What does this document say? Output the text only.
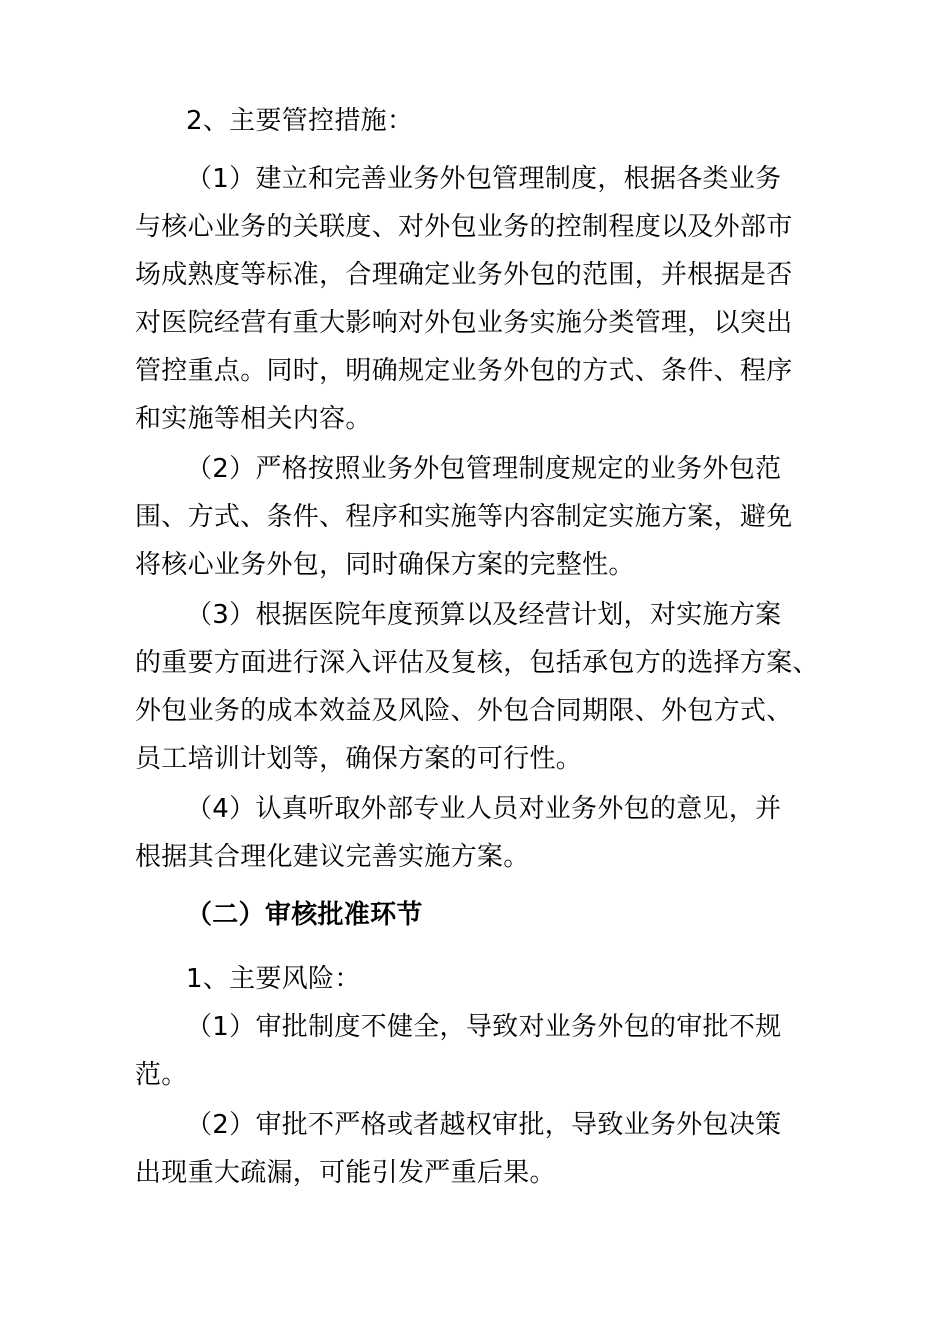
2、主要管控措施：
（1）建立和完善业务外包管理制度，根据各类业务
与核心业务的关联度、对外包业务的控制程度以及外部市
场成熟度等标准，合理确定业务外包的范围，并根据是否
对医院经营有重大影响对外包业务实施分类管理，以突出
管控重点。同时，明确规定业务外包的方式、条件、程序
和实施等相关内容。
（2）严格按照业务外包管理制度规定的业务外包范
围、方式、条件、程序和实施等内容制定实施方案，避免
将核心业务外包，同时确保方案的完整性。
（3）根据医院年度预算以及经营计划，对实施方案
的重要方面进行深入评估及复核，包括承包方的选择方案、
外包业务的成本效益及风险、外包合同期限、外包方式、
员工培训计划等，确保方案的可行性。
（4）认真听取外部专业人员对业务外包的意见，并
根据其合理化建议完善实施方案。
（二）审核批准环节
1、主要风险：
（1）审批制度不健全，导致对业务外包的审批不规
范。
（2）审批不严格或者越权审批，导致业务外包决策
出现重大疏漏，可能引发严重后果。
